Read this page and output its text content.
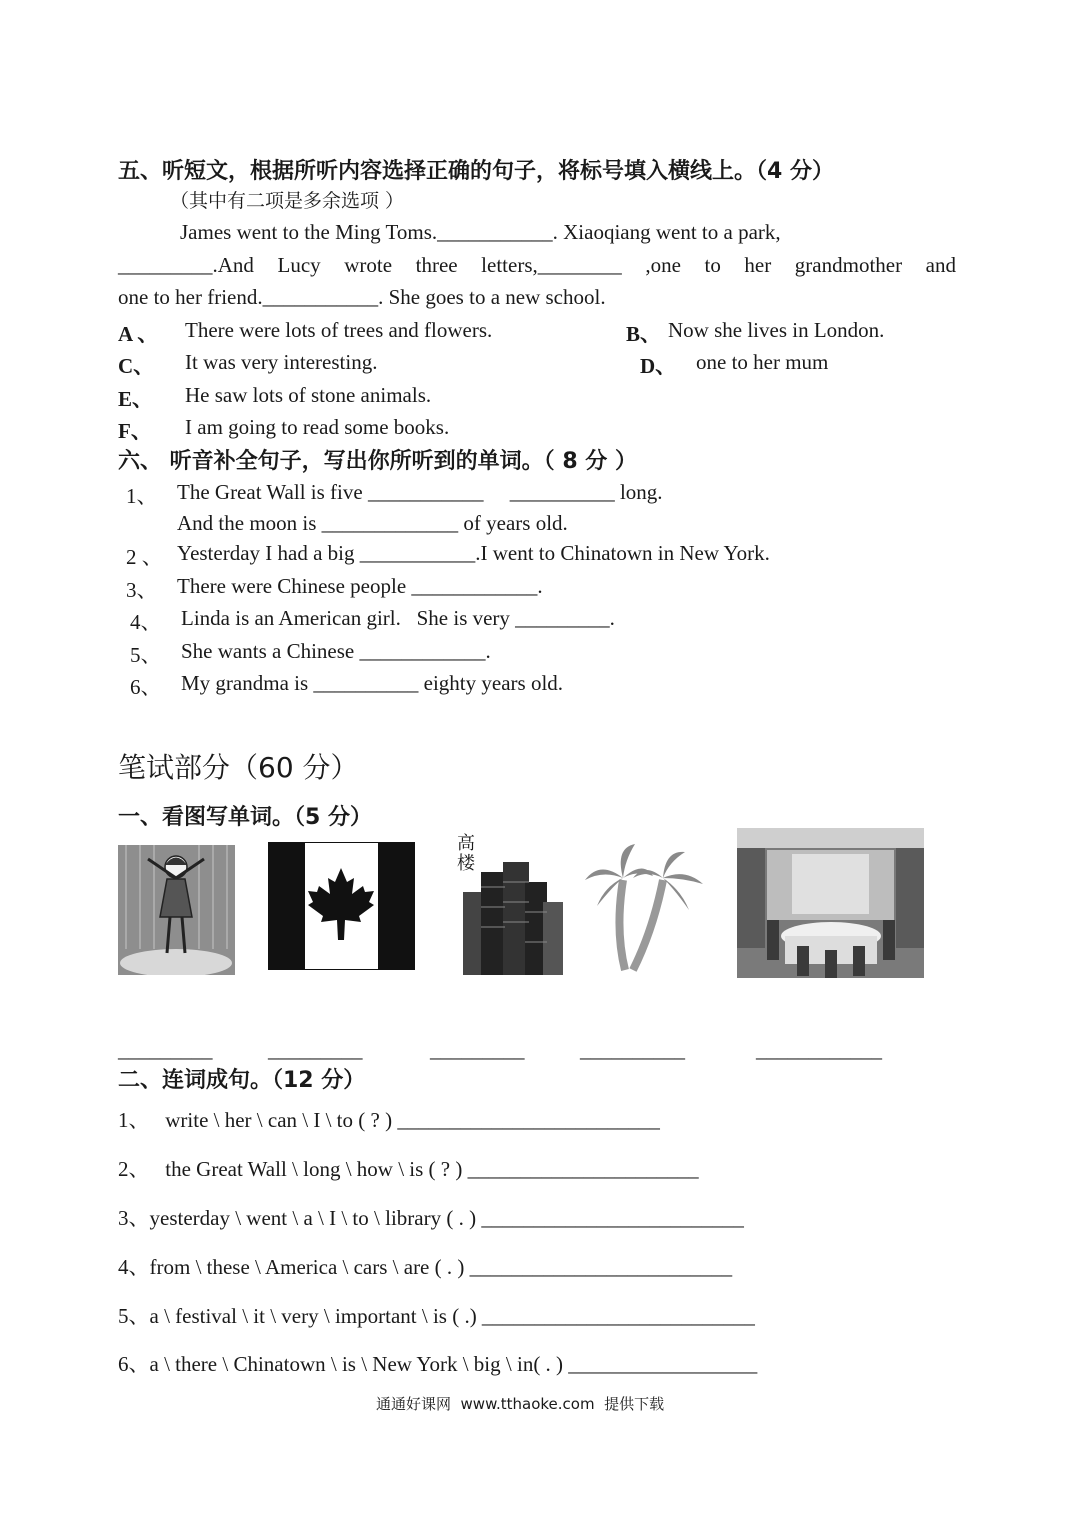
五、听短文，根据所听内容选择正确的句子，将标号填入横线上。（4 分）
（其中有二项是多余选项 ）
James went to the Ming Toms.___________. Xiaoqiang went to a park,
_________.And Lucy wrote three letters,________ ,one to her grandmother and
one to her friend.___________. She goes to a new school.
A 、 There were lots of trees and flowers.	B、 Now she lives in London.
C、 It was very interesting.	D、 one to her mum
E、 He saw lots of stone animals.
F、 I am going to read some books.
六、 听音补全句子，写出你所听到的单词。（ 8 分 ）
1、 The Great Wall is five ___________     __________ long.
And the moon is _____________ of years old.
2 、 Yesterday I had a big ___________.I went to Chinatown in New York.
3、 There were Chinese people ____________.
4、 Linda is an American girl.   She is very _________.
5、 She wants a Chinese ____________.
6、 My grandma is __________ eighty years old.
笔试部分（60 分）
一、看图写单词。（5 分）
高
楼
_________	_________	_________	__________	____________
二、连词成句。（12 分）
1、   write \ her \ can \ I \ to ( ? ) _________________________
2、   the Great Wall \ long \ how \ is ( ? ) ______________________
3、yesterday \ went \ a \ I \ to \ library ( . ) _________________________
4、from \ these \ America \ cars \ are ( . ) _________________________
5、a \ festival \ it \ very \ important \ is ( .) __________________________
6、a \ there \ Chinatown \ is \ New York \ big \ in( . ) __________________
通通好课网  www.tthaoke.com  提供下载
